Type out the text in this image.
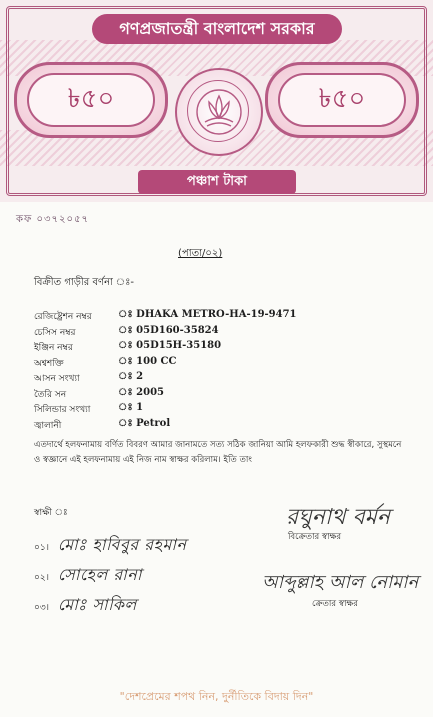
গণপ্রজাতন্ত্রী বাংলাদেশ সরকার
৳৫০	৳৫০
পঞ্চাশ টাকা
কফ ০৩৭২০৫৭
(পাতা/০২)
বিক্রীত গাড়ীর বর্ণনা ঃ-
রেজিষ্ট্রেশন নম্বর	ঃ DHAKA METRO-HA-19-9471
চেসিস নম্বর	ঃ 05D160-35824
ইঞ্জিন নম্বর	ঃ 05D15H-35180
অশ্বশক্তি	ঃ 100 CC
আসন সংখ্যা	ঃ 2
তৈরি সন	ঃ 2005
সিলিন্ডার সংখ্যা	ঃ 1
জ্বালানী	ঃ Petrol
এতদার্থে হলফনামায় বর্ণিত বিবরণ আমার জানামতে সত্য সঠিক জানিয়া আমি হলফকারী শুদ্ধ স্বীকারে, সুস্থমনে ও স্বজ্ঞানে এই হলফনামায় এই নিজ নাম স্বাক্ষর করিলাম। ইতি তাং
স্বাক্ষী ঃ
০১। মোঃ হাবিবুর রহমান
০২। সোহেল রানা
০৩। মোঃ সাকিল
রঘুনাথ বর্মন
বিক্রেতার স্বাক্ষর
আব্দুল্লাহ আল নোমান
ক্রেতার স্বাক্ষর
"দেশপ্রেমের শপথ নিন, দুর্নীতিকে বিদায় দিন"
